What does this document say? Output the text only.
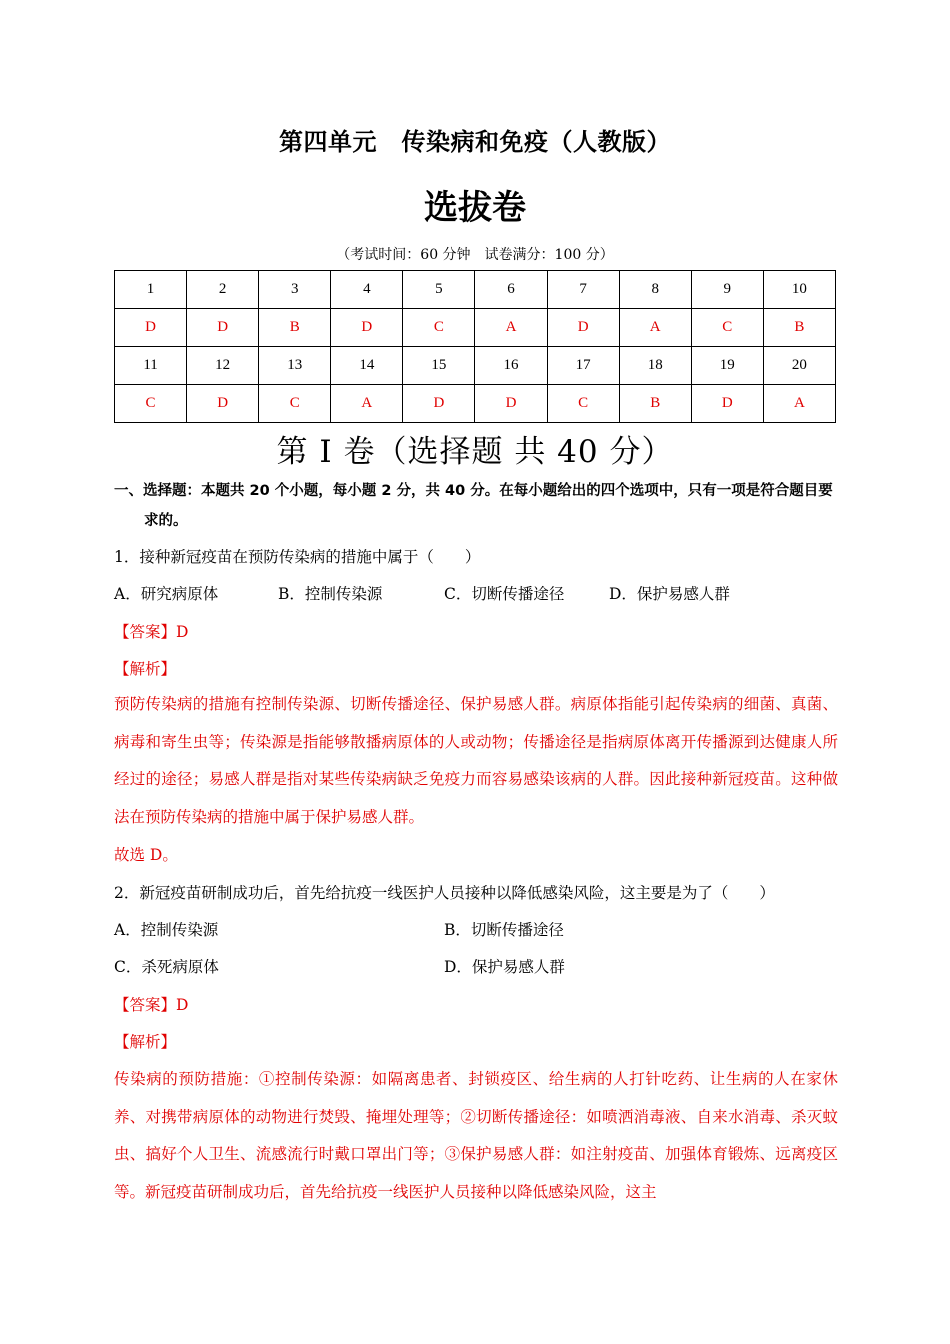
第四单元　传染病和免疫（人教版）
选拔卷
（考试时间：60 分钟　试卷满分：100 分）
1	2	3	4	5	6	7	8	9	10
D	D	B	D	C	A	D	A	C	B
11	12	13	14	15	16	17	18	19	20
C	D	C	A	D	D	C	B	D	A
第 I 卷（选择题 共 40 分）
一、选择题：本题共 20 个小题，每小题 2 分，共 40 分。在每小题给出的四个选项中，只有一项是符合题目要求的。
1．接种新冠疫苗在预防传染病的措施中属于（　　）
A．研究病原体	B．控制传染源	C．切断传播途径	D．保护易感人群
【答案】D
【解析】
预防传染病的措施有控制传染源、切断传播途径、保护易感人群。病原体指能引起传染病的细菌、真菌、病毒和寄生虫等；传染源是指能够散播病原体的人或动物；传播途径是指病原体离开传播源到达健康人所经过的途径；易感人群是指对某些传染病缺乏免疫力而容易感染该病的人群。因此接种新冠疫苗。这种做法在预防传染病的措施中属于保护易感人群。
故选 D。
2．新冠疫苗研制成功后，首先给抗疫一线医护人员接种以降低感染风险，这主要是为了（　　）
A．控制传染源	B．切断传播途径
C．杀死病原体	D．保护易感人群
【答案】D
【解析】
传染病的预防措施：①控制传染源：如隔离患者、封锁疫区、给生病的人打针吃药、让生病的人在家休养、对携带病原体的动物进行焚毁、掩埋处理等；②切断传播途径：如喷洒消毒液、自来水消毒、杀灭蚊虫、搞好个人卫生、流感流行时戴口罩出门等；③保护易感人群：如注射疫苗、加强体育锻炼、远离疫区等。新冠疫苗研制成功后，首先给抗疫一线医护人员接种以降低感染风险，这主
